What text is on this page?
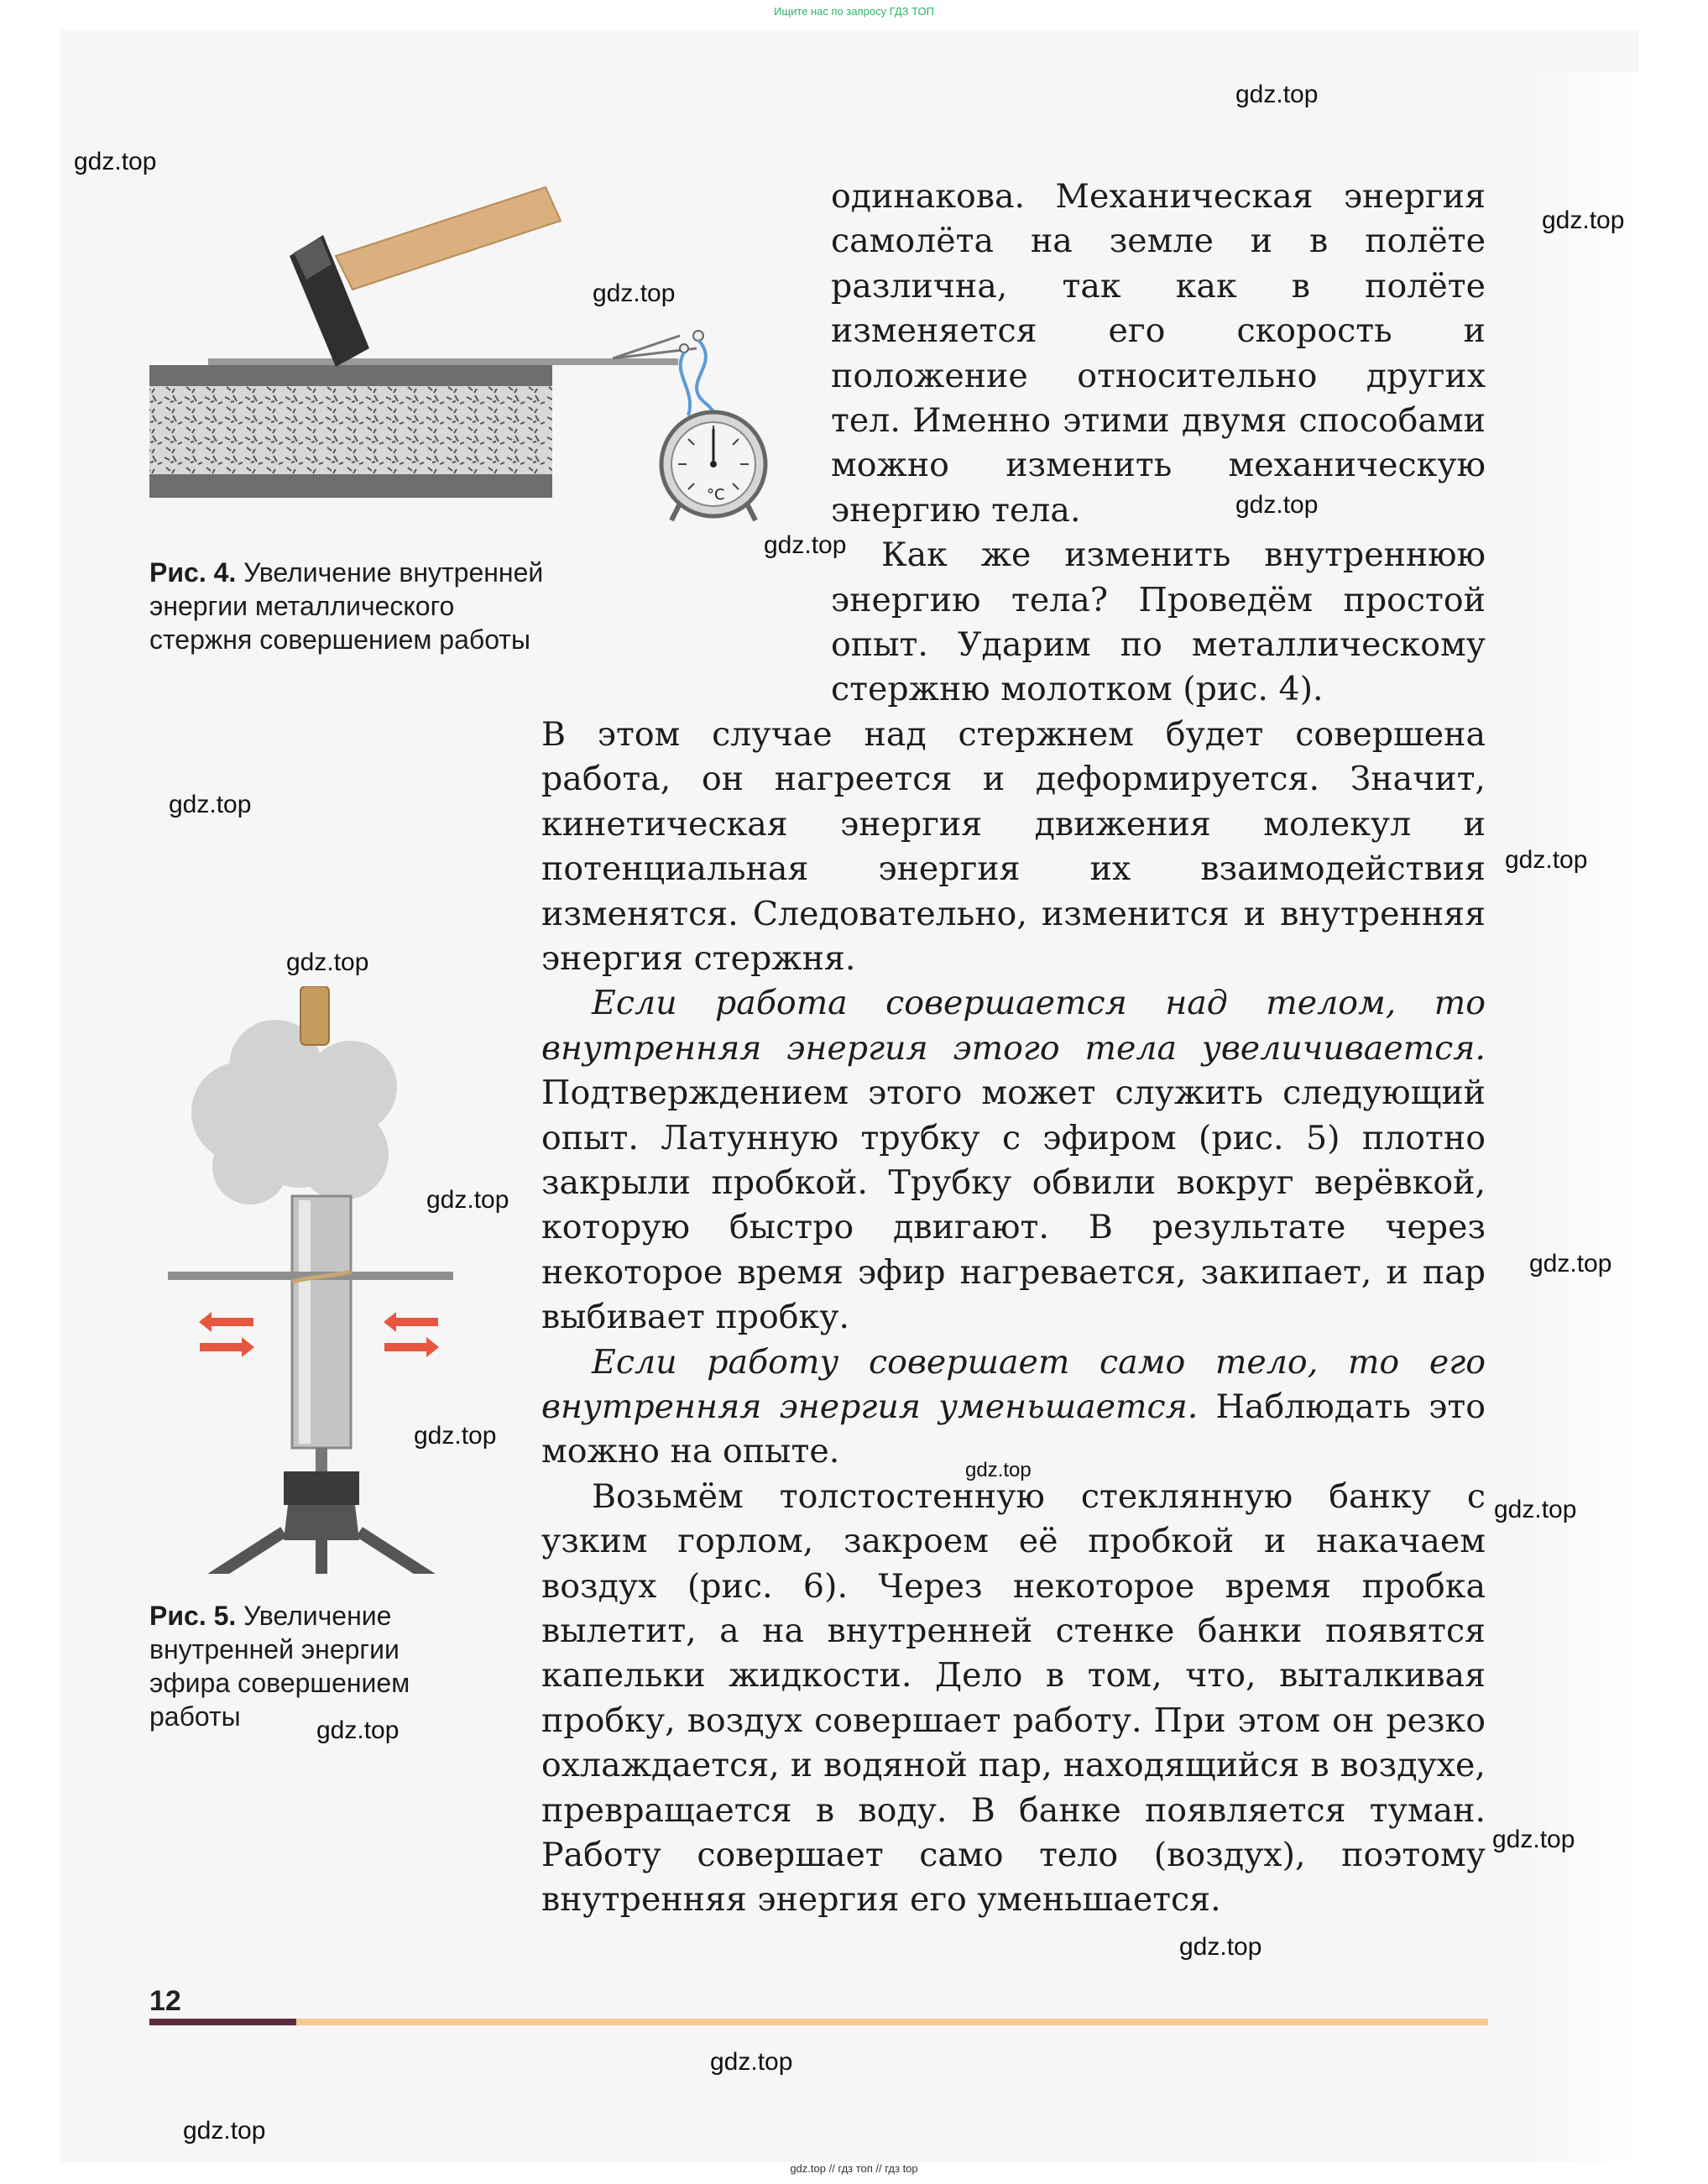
Ищите нас по запросу ГДЗ ТОП
gdz.top
gdz.top
gdz.top
gdz.top
gdz.top
gdz.top
gdz.top
gdz.top
gdz.top
gdz.top
gdz.top
gdz.top
gdz.top
gdz.top
gdz.top
gdz.top
gdz.top
gdz.top
gdz.top
°C
Рис. 4. Увеличение внутренней
энергии металлического
стержня совершением работы
Рис. 5. Увеличение
внутренней энергии
эфира совершением
работы

одинакова. Механическая энергия самолёта на земле и в полёте различна, так как в полёте изменяется его скорость и положение относительно других тел. Именно этими двумя способами можно изменить механическую энергию тела.

Как же изменить внутреннюю энергию тела? Проведём простой опыт. Ударим по металлическому стержню молотком (рис. 4).

В этом случае над стержнем будет совершена работа, он нагреется и деформируется. Значит, кинетическая энергия движения молекул и потенциальная энергия их взаимодействия изменятся. Следовательно, изменится и внутренняя энергия стержня.

Если работа совершается над телом, то внутренняя энергия этого тела увеличивается. Подтверждением этого может служить следующий опыт. Латунную трубку с эфиром (рис. 5) плотно закрыли пробкой. Трубку обвили вокруг верёвкой, которую быстро двигают. В результате через некоторое время эфир нагревается, закипает, и пар выбивает пробку.

Если работу совершает само тело, то его внутренняя энергия уменьшается. Наблюдать это можно на опыте.

Возьмём толстостенную стеклянную банку с узким горлом, закроем её пробкой и накачаем воздух (рис. 6). Через некоторое время пробка вылетит, а на внутренней стенке банки появятся капельки жидкости. Дело в том, что, выталкивая пробку, воздух совершает работу. При этом он резко охлаждается, и водяной пар, находящийся в воздухе, превращается в воду. В банке появляется туман. Работу совершает само тело (воздух), поэтому внутренняя энергия его уменьшается.

12
gdz.top // гдз топ // гдз top
